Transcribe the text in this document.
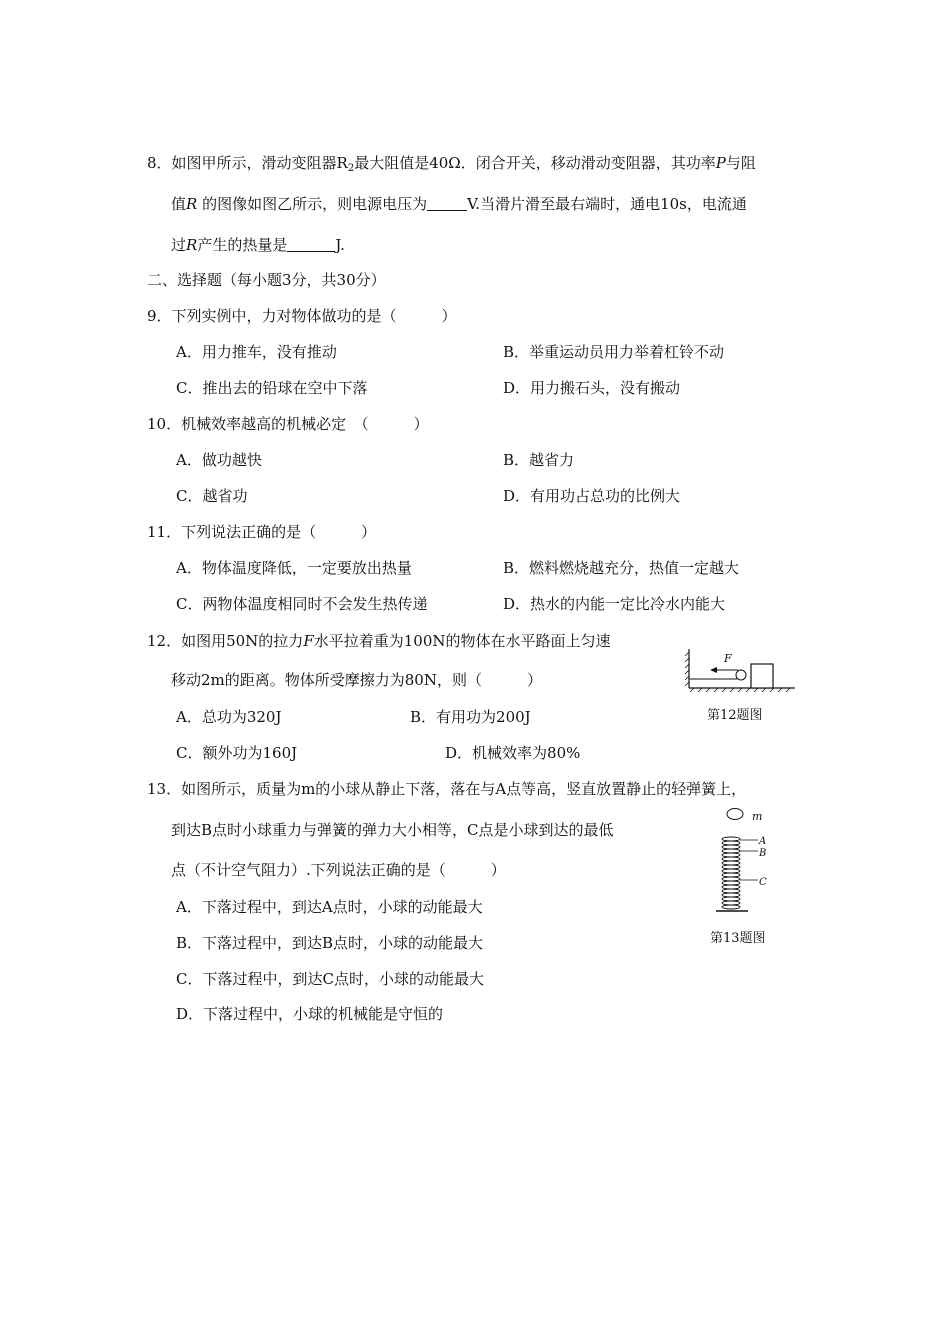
8．如图甲所示，滑动变阻器$R_2$最大阻值是40Ω．闭合开关，移动滑动变阻器，其功率P与阻
值R 的图像如图乙所示，则电源电压为	V.当滑片滑至最右端时，通电10s，电流通
过R产生的热量是	J.
二、选择题（每小题3分，共30分）
9．下列实例中，力对物体做功的是（　　　）
A．用力推车，没有推动	B．举重运动员用力举着杠铃不动
C．推出去的铅球在空中下落	D．用力搬石头，没有搬动
10．机械效率越高的机械必定　（　　　）
A．做功越快	B．越省力
C．越省功	D．有用功占总功的比例大
11．下列说法正确的是（　　　）
A．物体温度降低，一定要放出热量	B．燃料燃烧越充分，热值一定越大
C．两物体温度相同时不会发生热传递	D．热水的内能一定比冷水内能大
12．如图用50N的拉力F水平拉着重为100N的物体在水平路面上匀速
移动2m的距离。物体所受摩擦力为80N，则（　　　）
A．总功为320J	B．有用功为200J
C．额外功为160J	D．机械效率为80%
F
m
A
B
C
第12题图
13．如图所示，质量为m的小球从静止下落，落在与A点等高，竖直放置静止的轻弹簧上，
到达B点时小球重力与弹簧的弹力大小相等，C点是小球到达的最低
点（不计空气阻力）.下列说法正确的是（　　　）
A．下落过程中，到达A点时，小球的动能最大
B．下落过程中，到达B点时，小球的动能最大
C．下落过程中，到达C点时，小球的动能最大
D．下落过程中，小球的机械能是守恒的
第13题图
